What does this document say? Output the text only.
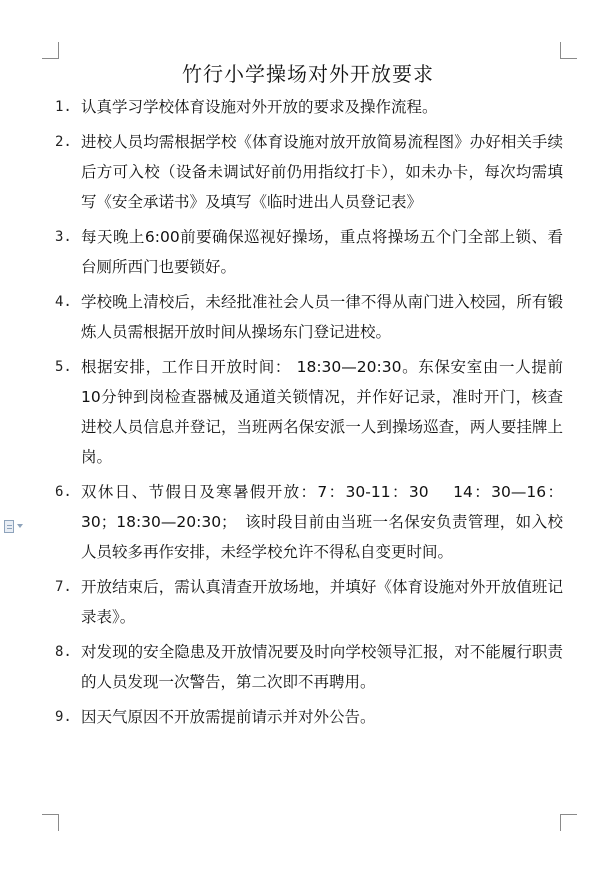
竹行小学操场对外开放要求
1. 认真学习学校体育设施对外开放的要求及操作流程。
2. 进校人员均需根据学校《体育设施对放开放简易流程图》办好相关手续后方可入校（设备未调试好前仍用指纹打卡），如未办卡，每次均需填写《安全承诺书》及填写《临时进出人员登记表》
3. 每天晚上6:00前要确保巡视好操场，重点将操场五个门全部上锁、看台厕所西门也要锁好。
4. 学校晚上清校后，未经批准社会人员一律不得从南门进入校园，所有锻炼人员需根据开放时间从操场东门登记进校。
5. 根据安排，工作日开放时间： 18:30—20:30。东保安室由一人提前10分钟到岗检查器械及通道关锁情况，并作好记录，准时开门，核查进校人员信息并登记，当班两名保安派一人到操场巡查，两人要挂牌上岗。
6. 双休日、节假日及寒暑假开放：7：30-11：30　 14：30—16：30；18:30—20:30；　该时段目前由当班一名保安负责管理，如入校人员较多再作安排，未经学校允许不得私自变更时间。
7. 开放结束后，需认真清查开放场地，并填好《体育设施对外开放值班记录表》。
8. 对发现的安全隐患及开放情况要及时向学校领导汇报，对不能履行职责的人员发现一次警告，第二次即不再聘用。
9. 因天气原因不开放需提前请示并对外公告。
